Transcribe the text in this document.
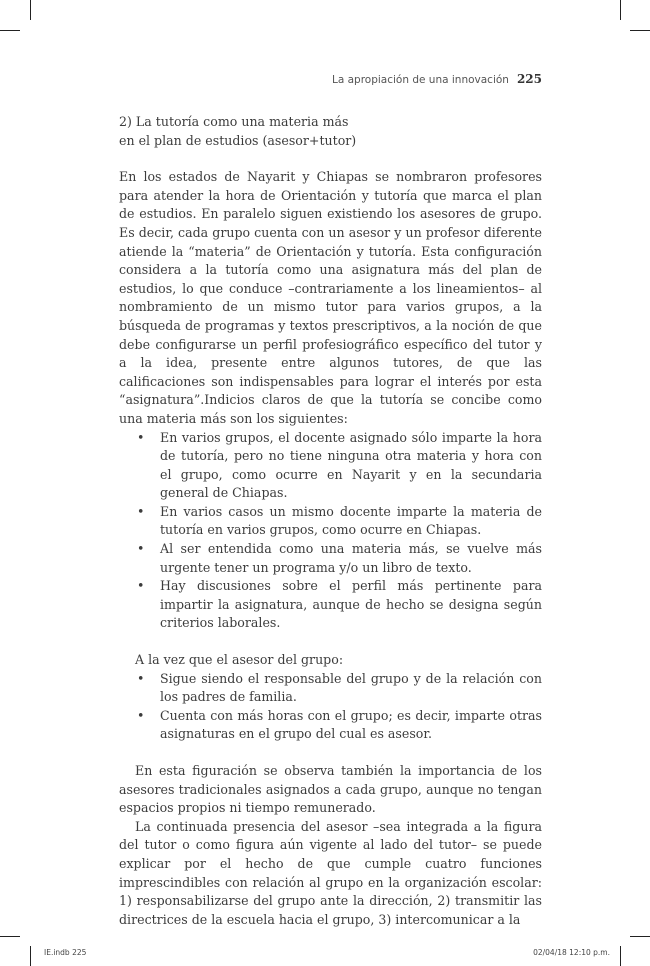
La apropiación de una innovación 225
2) La tutoría como una materia más
en el plan de estudios (asesor+tutor)

En los estados de Nayarit y Chiapas se nombraron profesores para atender la hora de Orientación y tutoría que marca el plan de estudios. En paralelo siguen existiendo los asesores de grupo. Es decir, cada grupo cuenta con un asesor y un profesor diferente atiende la “materia” de Orientación y tutoría. Esta configuración considera a la tutoría como una asignatura más del plan de estudios, lo que conduce –contrariamente a los lineamientos– al nombramiento de un mismo tutor para varios grupos, a la búsqueda de programas y textos prescriptivos, a la noción de que debe configurarse un perfil profesiográfico específico del tutor y a la idea, presente entre algunos tutores, de que las calificaciones son indispensables para lograr el interés por esta “asignatura”.Indicios claros de que la tutoría se concibe como una materia más son los siguientes:

• En varios grupos, el docente asignado sólo imparte la hora de tutoría, pero no tiene ninguna otra materia y hora con el grupo, como ocurre en Nayarit y en la secundaria general de Chiapas.
• En varios casos un mismo docente imparte la materia de tutoría en varios grupos, como ocurre en Chiapas.
• Al ser entendida como una materia más, se vuelve más urgente tener un programa y/o un libro de texto.
• Hay discusiones sobre el perfil más pertinente para impartir la asignatura, aunque de hecho se designa según criterios laborales.

A la vez que el asesor del grupo:

• Sigue siendo el responsable del grupo y de la relación con los padres de familia.
• Cuenta con más horas con el grupo; es decir, imparte otras asignaturas en el grupo del cual es asesor.

En esta figuración se observa también la importancia de los asesores tradicionales asignados a cada grupo, aunque no tengan espacios propios ni tiempo remunerado.

La continuada presencia del asesor –sea integrada a la figura del tutor o como figura aún vigente al lado del tutor– se puede explicar por el hecho de que cumple cuatro funciones imprescindibles con relación al grupo en la organización escolar: 1) responsabilizarse del grupo ante la dirección, 2) transmitir las directrices de la escuela hacia el grupo, 3) intercomunicar a la

IE.indb 225	02/04/18 12:10 p.m.
